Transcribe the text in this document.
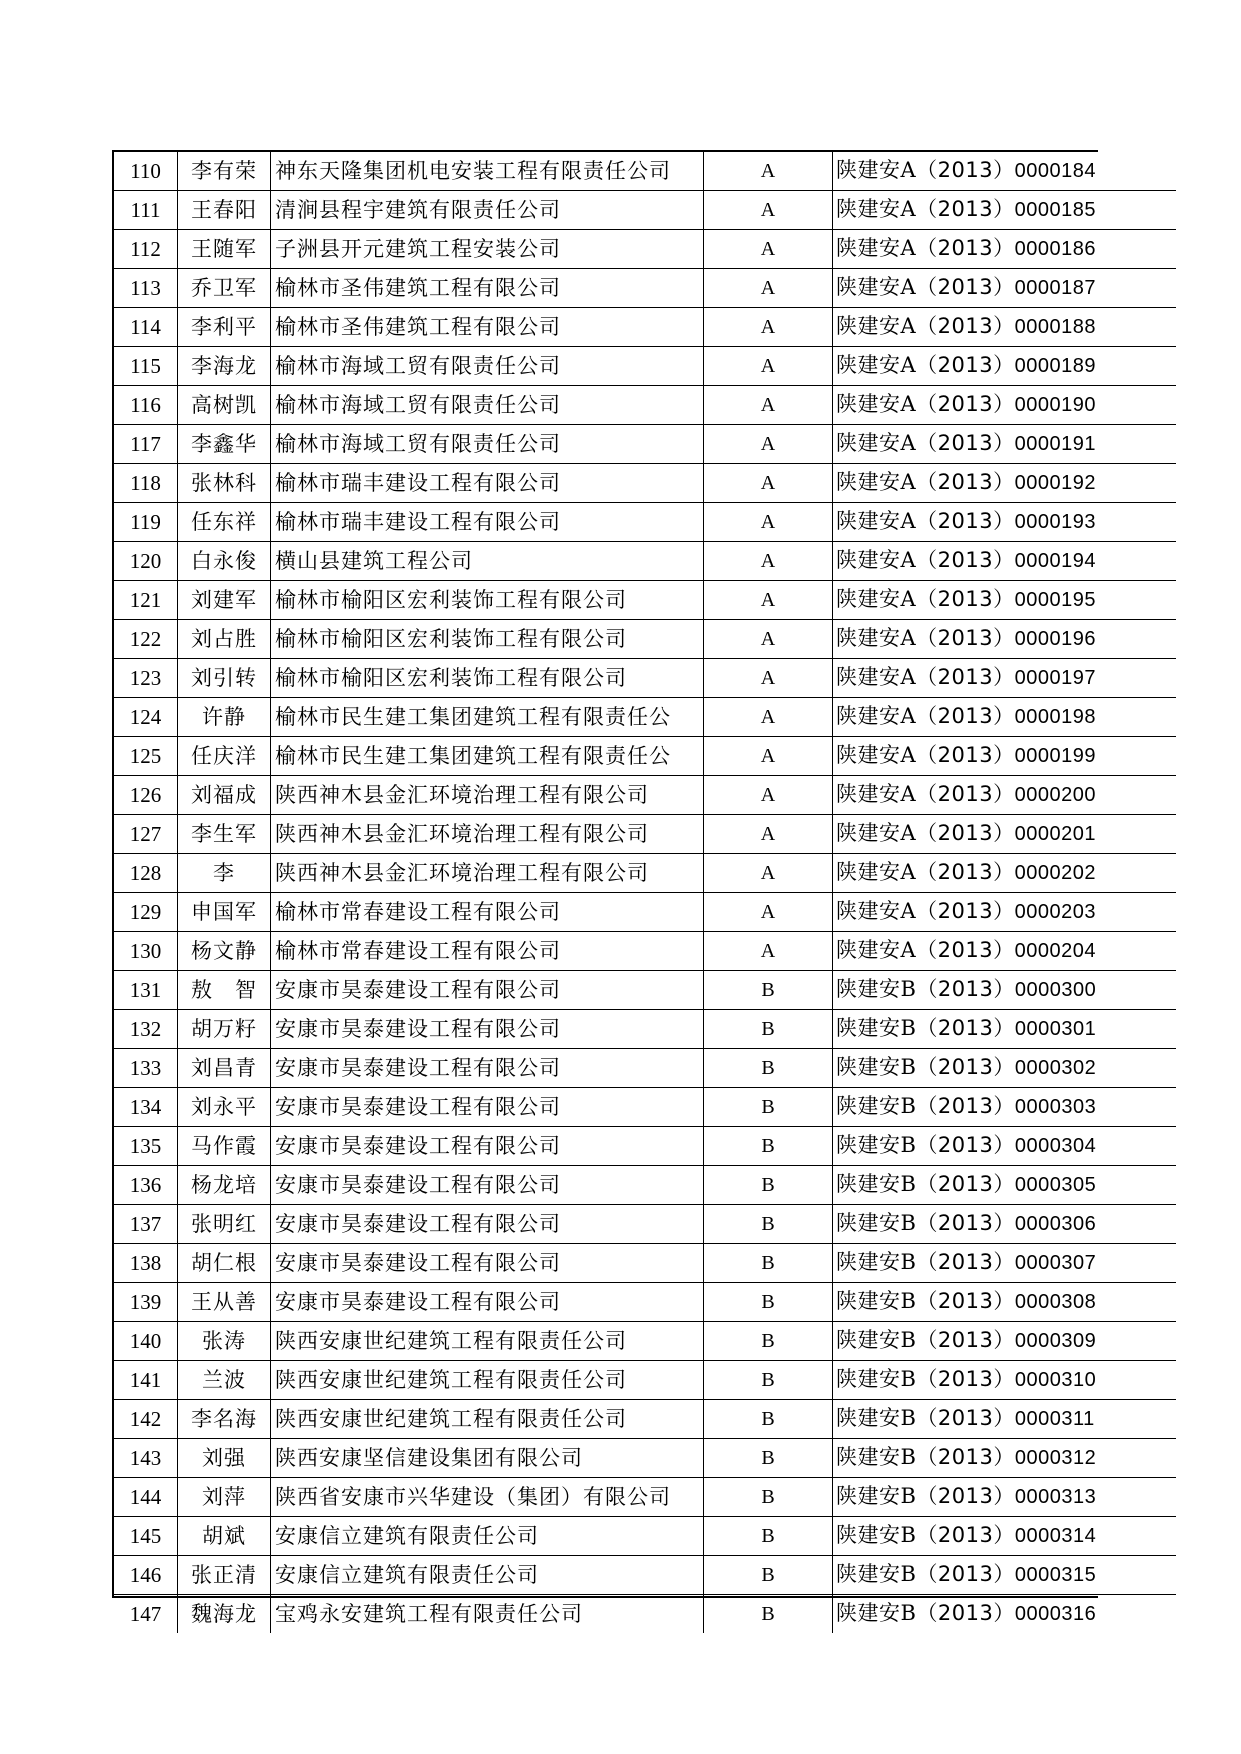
110	李有荣	神东天隆集团机电安装工程有限责任公司	A	陕建安A（2013）0000184
111	王春阳	清涧县程宇建筑有限责任公司	A	陕建安A（2013）0000185
112	王随军	子洲县开元建筑工程安装公司	A	陕建安A（2013）0000186
113	乔卫军	榆林市圣伟建筑工程有限公司	A	陕建安A（2013）0000187
114	李利平	榆林市圣伟建筑工程有限公司	A	陕建安A（2013）0000188
115	李海龙	榆林市海域工贸有限责任公司	A	陕建安A（2013）0000189
116	高树凯	榆林市海域工贸有限责任公司	A	陕建安A（2013）0000190
117	李鑫华	榆林市海域工贸有限责任公司	A	陕建安A（2013）0000191
118	张林科	榆林市瑞丰建设工程有限公司	A	陕建安A（2013）0000192
119	任东祥	榆林市瑞丰建设工程有限公司	A	陕建安A（2013）0000193
120	白永俊	横山县建筑工程公司	A	陕建安A（2013）0000194
121	刘建军	榆林市榆阳区宏利装饰工程有限公司	A	陕建安A（2013）0000195
122	刘占胜	榆林市榆阳区宏利装饰工程有限公司	A	陕建安A（2013）0000196
123	刘引转	榆林市榆阳区宏利装饰工程有限公司	A	陕建安A（2013）0000197
124	许静	榆林市民生建工集团建筑工程有限责任公	A	陕建安A（2013）0000198
125	任庆洋	榆林市民生建工集团建筑工程有限责任公	A	陕建安A（2013）0000199
126	刘福成	陕西神木县金汇环境治理工程有限公司	A	陕建安A（2013）0000200
127	李生军	陕西神木县金汇环境治理工程有限公司	A	陕建安A（2013）0000201
128	李	陕西神木县金汇环境治理工程有限公司	A	陕建安A（2013）0000202
129	申国军	榆林市常春建设工程有限公司	A	陕建安A（2013）0000203
130	杨文静	榆林市常春建设工程有限公司	A	陕建安A（2013）0000204
131	敖　智	安康市昊泰建设工程有限公司	B	陕建安B（2013）0000300
132	胡万籽	安康市昊泰建设工程有限公司	B	陕建安B（2013）0000301
133	刘昌青	安康市昊泰建设工程有限公司	B	陕建安B（2013）0000302
134	刘永平	安康市昊泰建设工程有限公司	B	陕建安B（2013）0000303
135	马作霞	安康市昊泰建设工程有限公司	B	陕建安B（2013）0000304
136	杨龙培	安康市昊泰建设工程有限公司	B	陕建安B（2013）0000305
137	张明红	安康市昊泰建设工程有限公司	B	陕建安B（2013）0000306
138	胡仁根	安康市昊泰建设工程有限公司	B	陕建安B（2013）0000307
139	王从善	安康市昊泰建设工程有限公司	B	陕建安B（2013）0000308
140	张涛	陕西安康世纪建筑工程有限责任公司	B	陕建安B（2013）0000309
141	兰波	陕西安康世纪建筑工程有限责任公司	B	陕建安B（2013）0000310
142	李名海	陕西安康世纪建筑工程有限责任公司	B	陕建安B（2013）0000311
143	刘强	陕西安康坚信建设集团有限公司	B	陕建安B（2013）0000312
144	刘萍	陕西省安康市兴华建设（集团）有限公司	B	陕建安B（2013）0000313
145	胡斌	安康信立建筑有限责任公司	B	陕建安B（2013）0000314
146	张正清	安康信立建筑有限责任公司	B	陕建安B（2013）0000315
147	魏海龙	宝鸡永安建筑工程有限责任公司	B	陕建安B（2013）0000316
